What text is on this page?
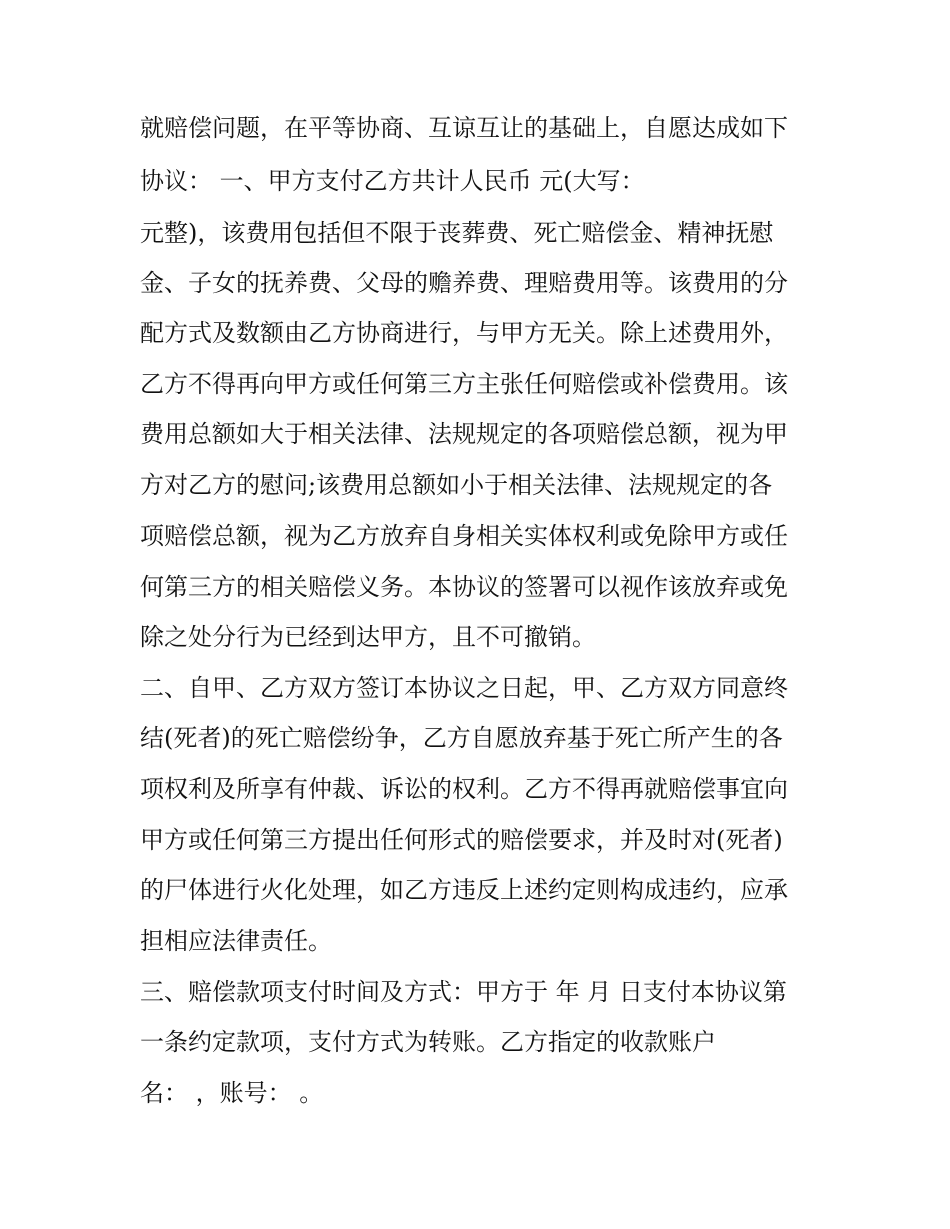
就赔偿问题，在平等协商、互谅互让的基础上，自愿达成如下
协议： 一、甲方支付乙方共计人民币 元(大写：
元整)，该费用包括但不限于丧葬费、死亡赔偿金、精神抚慰
金、子女的抚养费、父母的赡养费、理赔费用等。该费用的分
配方式及数额由乙方协商进行，与甲方无关。除上述费用外，
乙方不得再向甲方或任何第三方主张任何赔偿或补偿费用。该
费用总额如大于相关法律、法规规定的各项赔偿总额，视为甲
方对乙方的慰问;该费用总额如小于相关法律、法规规定的各
项赔偿总额，视为乙方放弃自身相关实体权利或免除甲方或任
何第三方的相关赔偿义务。本协议的签署可以视作该放弃或免
除之处分行为已经到达甲方，且不可撤销。
二、自甲、乙方双方签订本协议之日起，甲、乙方双方同意终
结(死者)的死亡赔偿纷争，乙方自愿放弃基于死亡所产生的各
项权利及所享有仲裁、诉讼的权利。乙方不得再就赔偿事宜向
甲方或任何第三方提出任何形式的赔偿要求，并及时对(死者)
的尸体进行火化处理，如乙方违反上述约定则构成违约，应承
担相应法律责任。
三、赔偿款项支付时间及方式：甲方于 年 月 日支付本协议第
一条约定款项，支付方式为转账。乙方指定的收款账户
名： ，账号： 。
